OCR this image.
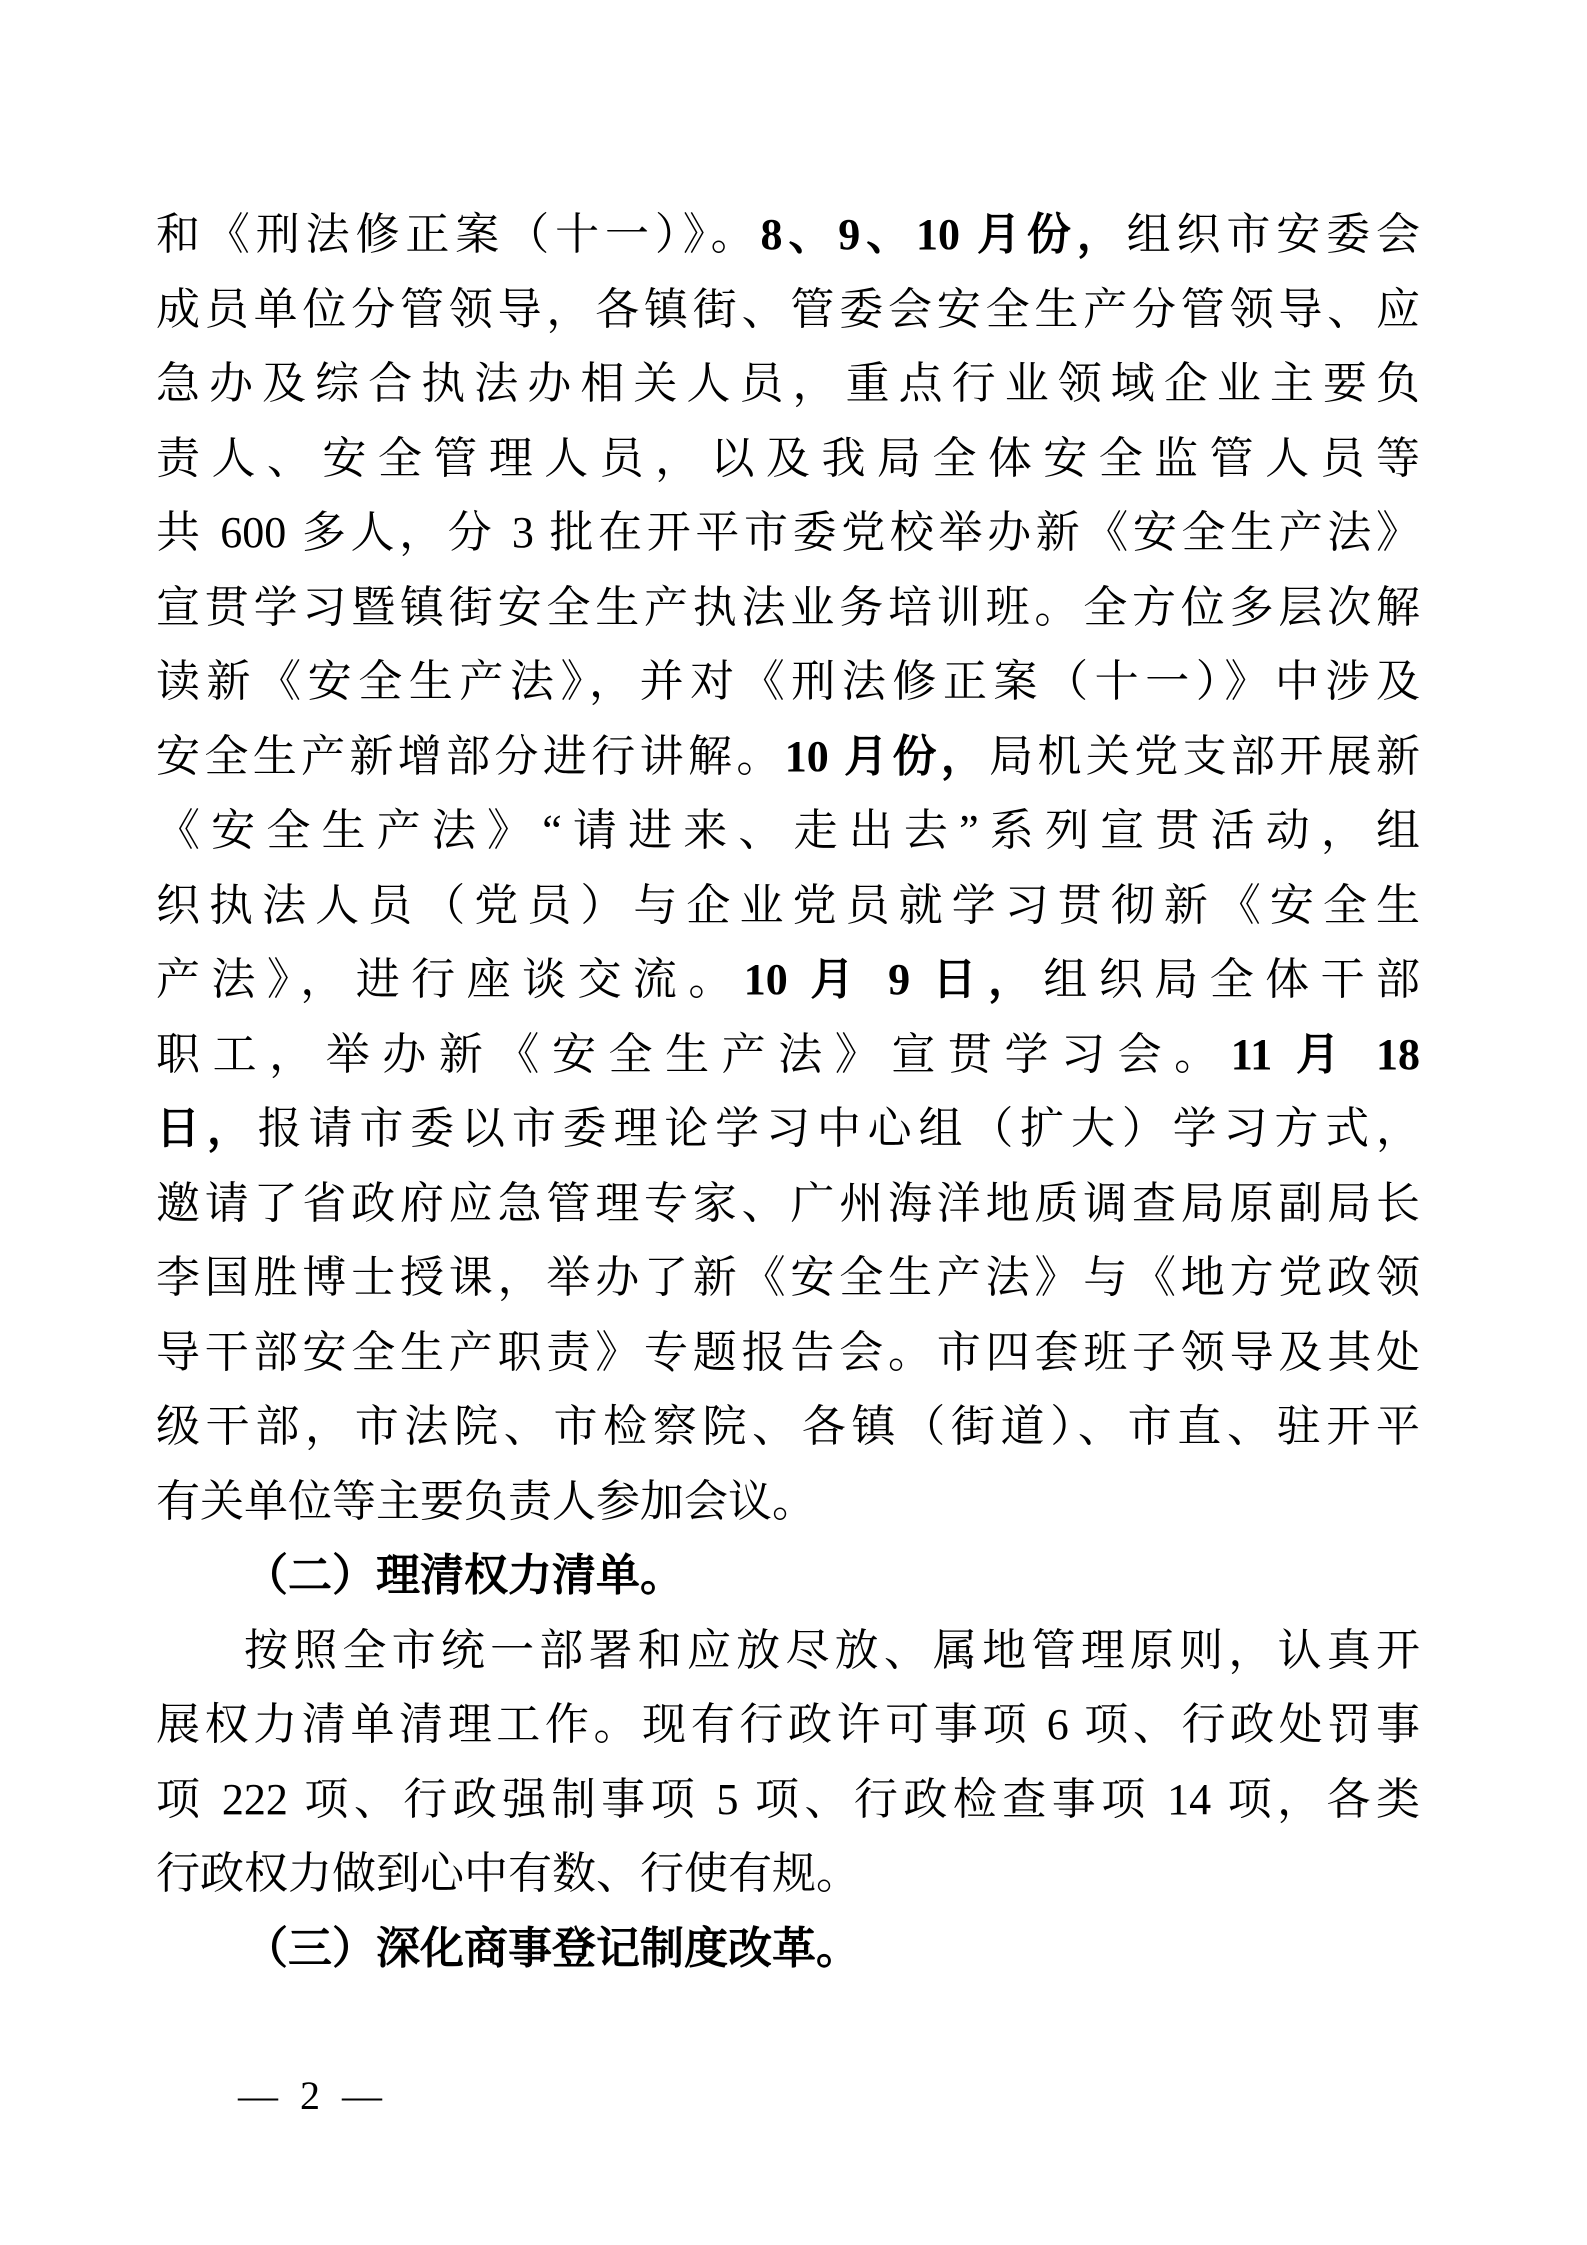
和《刑法修正案（十一）》。8、9、10 月份，组织市安委会
成员单位分管领导，各镇街、管委会安全生产分管领导、应
急办及综合执法办相关人员，重点行业领域企业主要负
责人、安全管理人员，以及我局全体安全监管人员等
共 600 多人，分 3 批在开平市委党校举办新《安全生产法》
宣贯学习暨镇街安全生产执法业务培训班。全方位多层次解
读新《安全生产法》，并对《刑法修正案（十一）》中涉及
安全生产新增部分进行讲解。10 月份，局机关党支部开展新
《安全生产法》“请进来、走出去”系列宣贯活动，组
织执法人员（党员）与企业党员就学习贯彻新《安全生
产法》，进行座谈交流。10 月 9 日，组织局全体干部
职工，举办新《安全生产法》宣贯学习会。11 月 18
日，报请市委以市委理论学习中心组（扩大）学习方式，
邀请了省政府应急管理专家、广州海洋地质调查局原副局长
李国胜博士授课，举办了新《安全生产法》与《地方党政领
导干部安全生产职责》专题报告会。市四套班子领导及其处
级干部，市法院、市检察院、各镇（街道）、市直、驻开平
有关单位等主要负责人参加会议。
（二）理清权力清单。
按照全市统一部署和应放尽放、属地管理原则，认真开
展权力清单清理工作。现有行政许可事项 6 项、行政处罚事
项 222 项、行政强制事项 5 项、行政检查事项 14 项，各类
行政权力做到心中有数、行使有规。
（三）深化商事登记制度改革。
— 2 —
